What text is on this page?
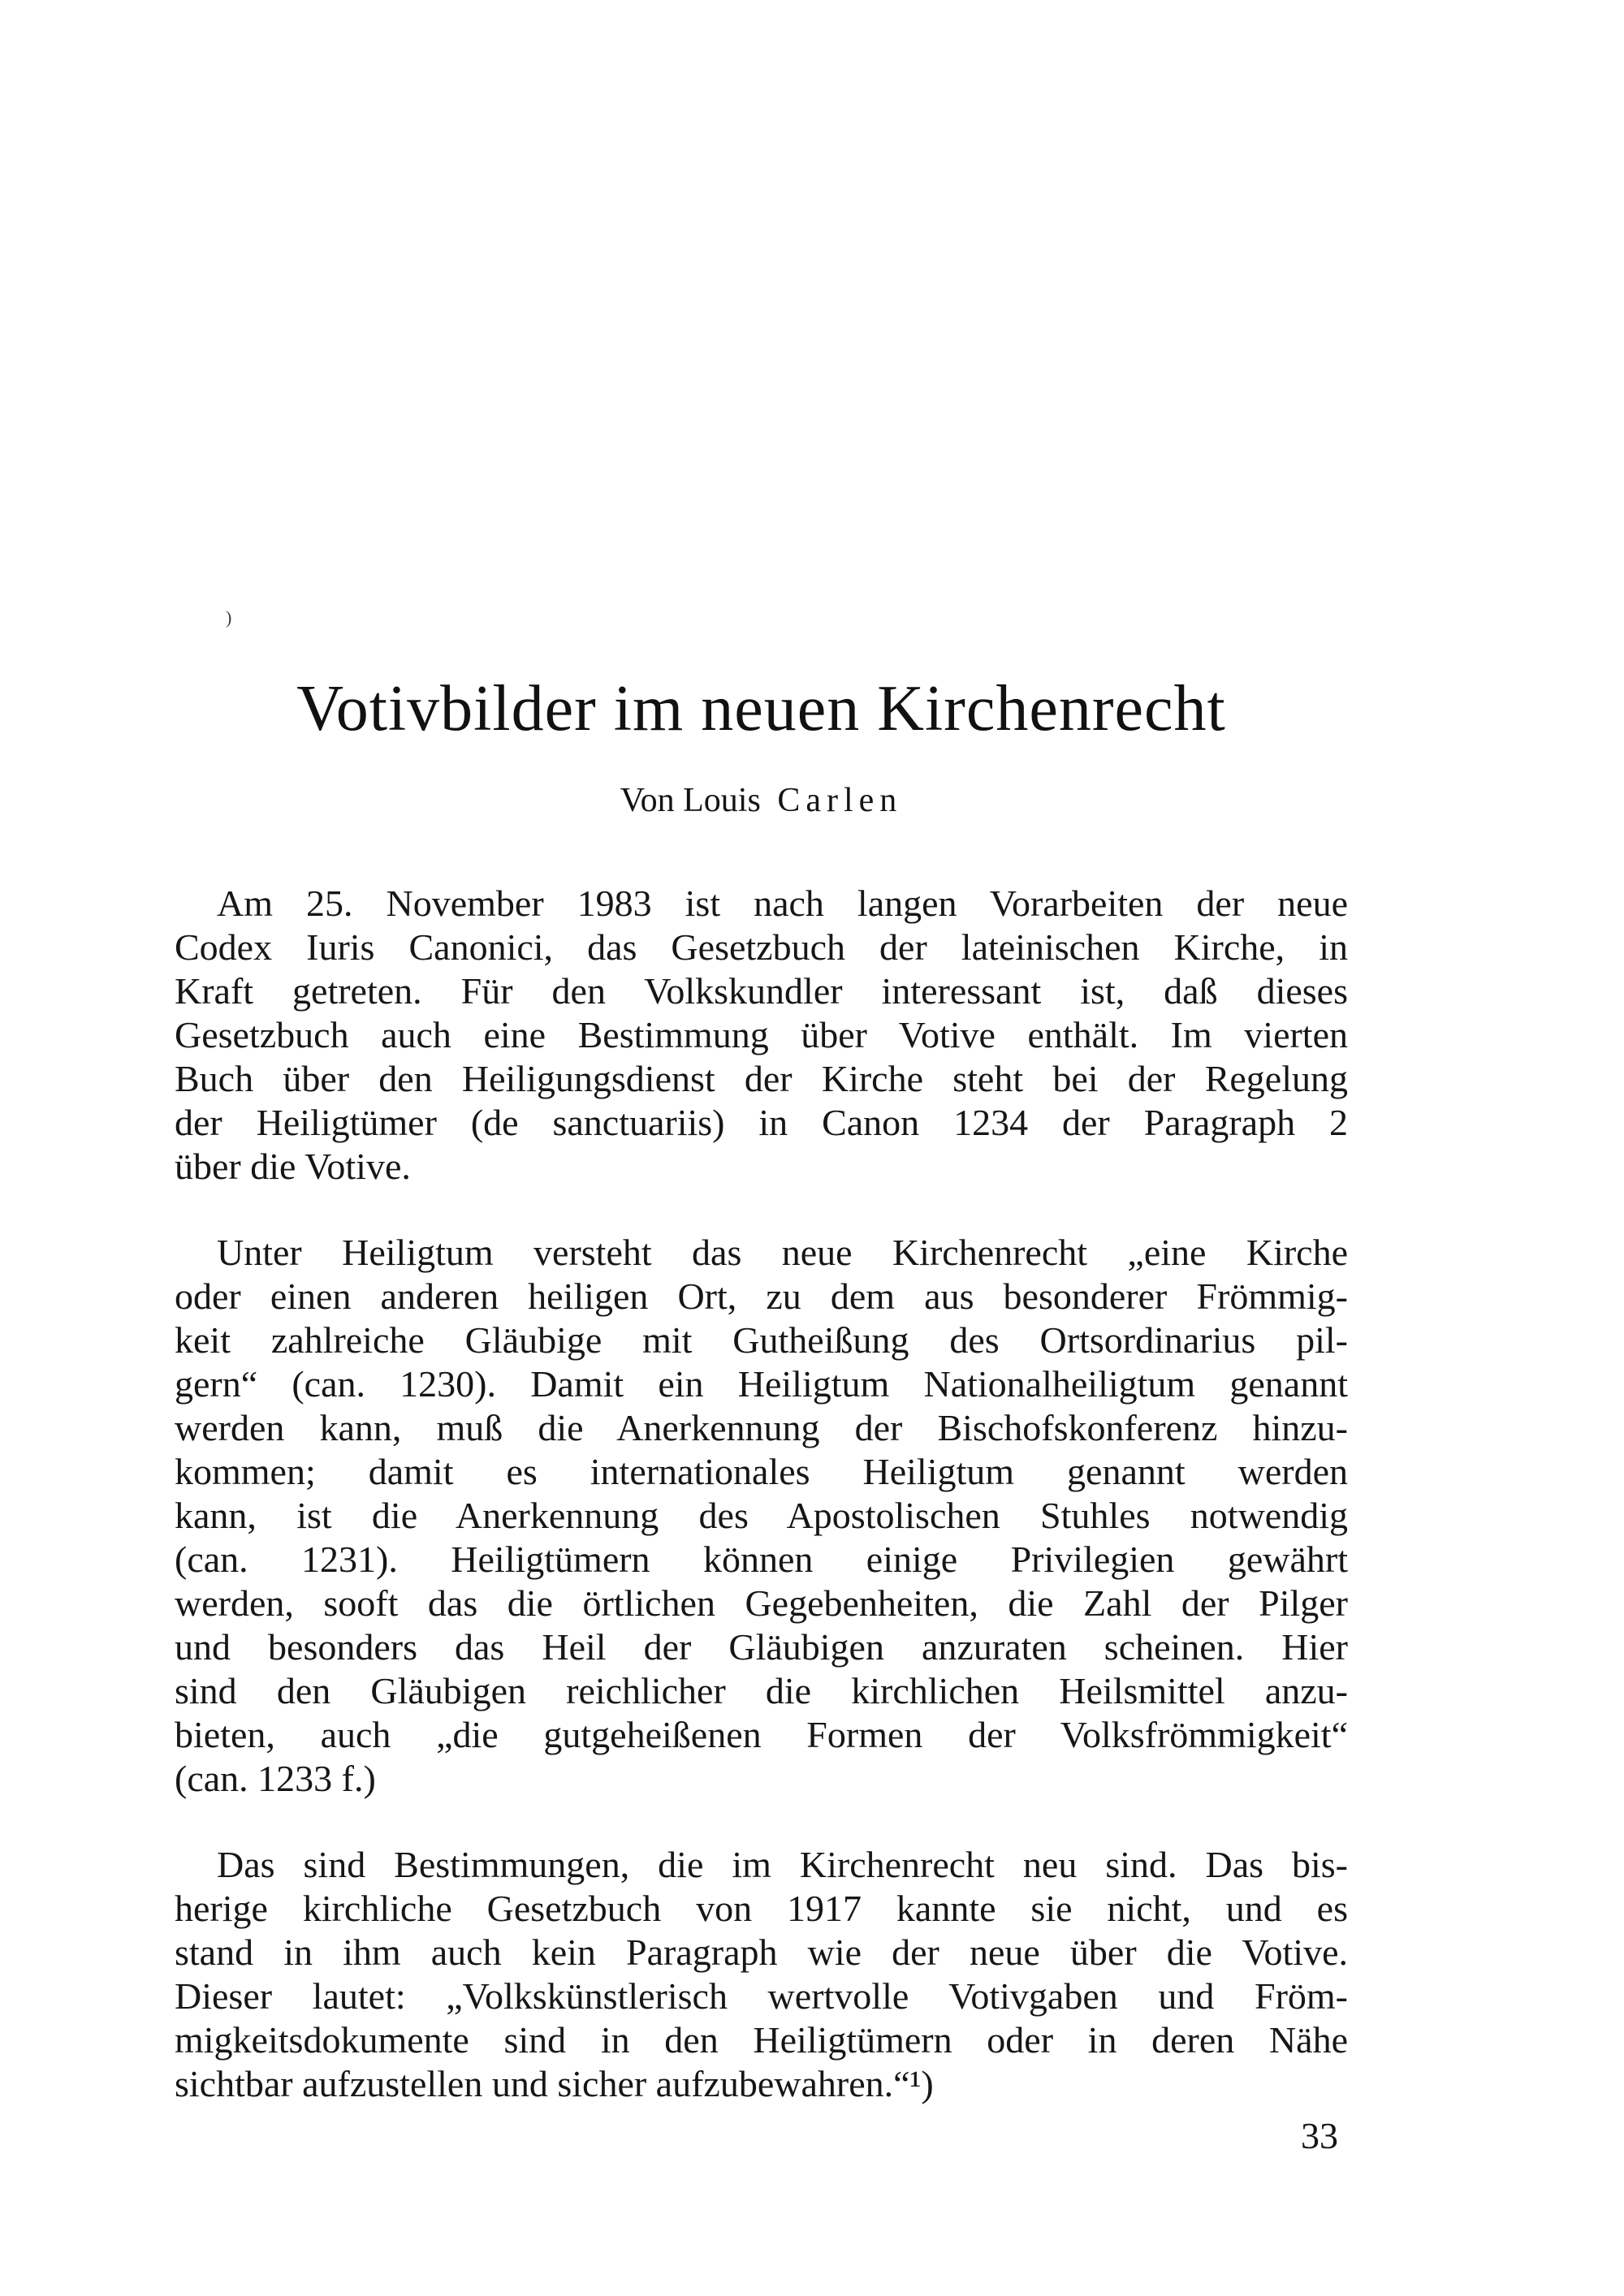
)
Votivbilder im neuen Kirchenrecht
Von Louis Carlen
Am 25. November 1983 ist nach langen Vorarbeiten der neue
Codex Iuris Canonici, das Gesetzbuch der lateinischen Kirche, in
Kraft getreten. Für den Volkskundler interessant ist, daß dieses
Gesetzbuch auch eine Bestimmung über Votive enthält. Im vierten
Buch über den Heiligungsdienst der Kirche steht bei der Regelung
der Heiligtümer (de sanctuariis) in Canon 1234 der Paragraph 2
über die Votive.
Unter Heiligtum versteht das neue Kirchenrecht „eine Kirche
oder einen anderen heiligen Ort, zu dem aus besonderer Frömmig-
keit zahlreiche Gläubige mit Gutheißung des Ortsordinarius pil-
gern“ (can. 1230). Damit ein Heiligtum Nationalheiligtum genannt
werden kann, muß die Anerkennung der Bischofskonferenz hinzu-
kommen; damit es internationales Heiligtum genannt werden
kann, ist die Anerkennung des Apostolischen Stuhles notwendig
(can. 1231). Heiligtümern können einige Privilegien gewährt
werden, sooft das die örtlichen Gegebenheiten, die Zahl der Pilger
und besonders das Heil der Gläubigen anzuraten scheinen. Hier
sind den Gläubigen reichlicher die kirchlichen Heilsmittel anzu-
bieten, auch „die gutgeheißenen Formen der Volksfrömmigkeit“
(can. 1233 f.)
Das sind Bestimmungen, die im Kirchenrecht neu sind. Das bis-
herige kirchliche Gesetzbuch von 1917 kannte sie nicht, und es
stand in ihm auch kein Paragraph wie der neue über die Votive.
Dieser lautet: „Volkskünstlerisch wertvolle Votivgaben und Fröm-
migkeitsdokumente sind in den Heiligtümern oder in deren Nähe
sichtbar aufzustellen und sicher aufzubewahren.“¹)
33
